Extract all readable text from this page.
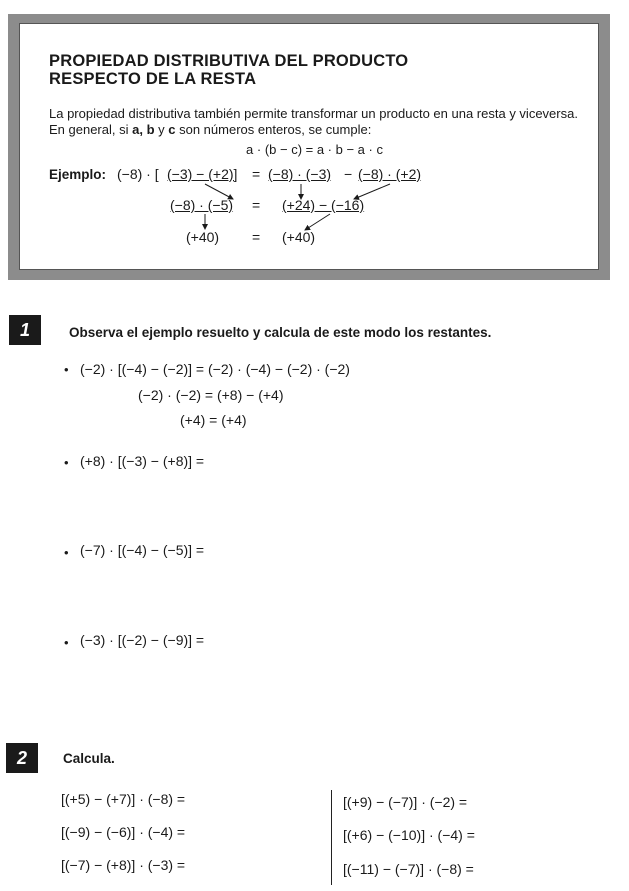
PROPIEDAD DISTRIBUTIVA DEL PRODUCTO
RESPECTO DE LA RESTA

La propiedad distributiva también permite transformar un producto en una resta y viceversa. En general, si a, b y c son números enteros, se cumple:

a · (b − c) = a · b − a · c
Ejemplo: (−8) · [ (−3) − (+2)] = (−8) · (−3) − (−8) · (+2)
(−8) · (−5) = (+24) − (−16)
(+40) = (+40)
1	Observa el ejemplo resuelto y calcula de este modo los restantes.
• (−2) · [(−4) − (−2)] = (−2) · (−4) − (−2) · (−2)
(−2) · (−2) = (+8) − (+4)
(+4) = (+4)
• (+8) · [(−3) − (+8)] =
• (−7) · [(−4) − (−5)] =
• (−3) · [(−2) − (−9)] =
2	Calcula.
[(+5) − (+7)] · (−8) =
[(−9) − (−6)] · (−4) =
[(−7) − (+8)] · (−3) =
[(+9) − (−7)] · (−2) =
[(+6) − (−10)] · (−4) =
[(−11) − (−7)] · (−8) =
